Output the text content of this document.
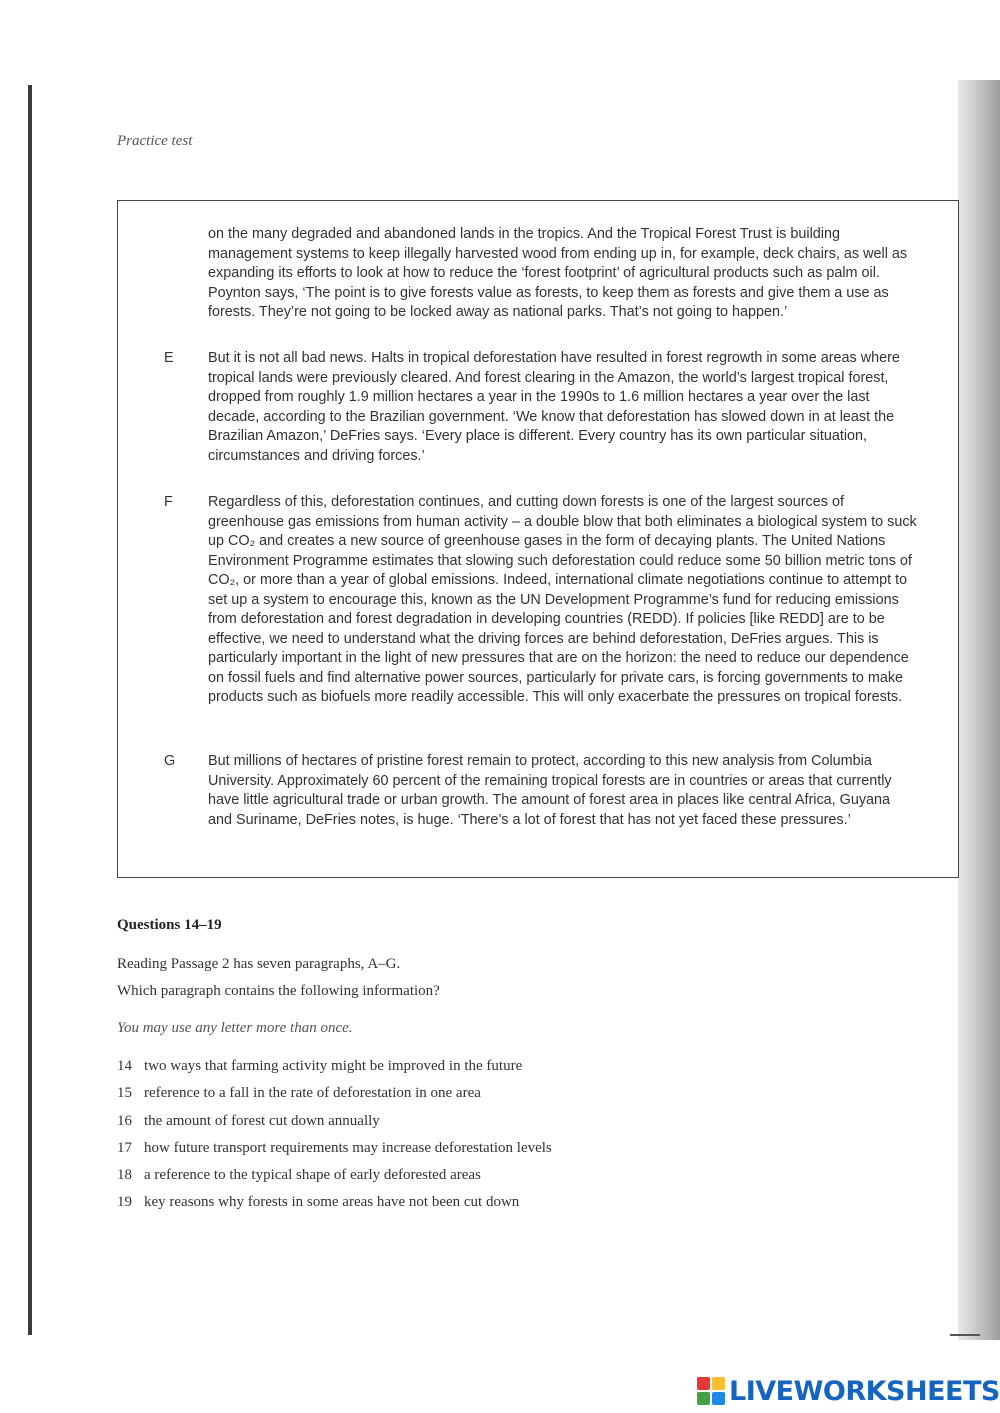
Practice test
on the many degraded and abandoned lands in the tropics. And the Tropical Forest Trust is building management systems to keep illegally harvested wood from ending up in, for example, deck chairs, as well as expanding its efforts to look at how to reduce the ‘forest footprint’ of agricultural products such as palm oil. Poynton says, ‘The point is to give forests value as forests, to keep them as forests and give them a use as forests. They’re not going to be locked away as national parks. That’s not going to happen.’
E But it is not all bad news. Halts in tropical deforestation have resulted in forest regrowth in some areas where tropical lands were previously cleared. And forest clearing in the Amazon, the world’s largest tropical forest, dropped from roughly 1.9 million hectares a year in the 1990s to 1.6 million hectares a year over the last decade, according to the Brazilian government. ‘We know that deforestation has slowed down in at least the Brazilian Amazon,’ DeFries says. ‘Every place is different. Every country has its own particular situation, circumstances and driving forces.’
F Regardless of this, deforestation continues, and cutting down forests is one of the largest sources of greenhouse gas emissions from human activity – a double blow that both eliminates a biological system to suck up CO₂ and creates a new source of greenhouse gases in the form of decaying plants. The United Nations Environment Programme estimates that slowing such deforestation could reduce some 50 billion metric tons of CO₂, or more than a year of global emissions. Indeed, international climate negotiations continue to attempt to set up a system to encourage this, known as the UN Development Programme’s fund for reducing emissions from deforestation and forest degradation in developing countries (REDD). If policies [like REDD] are to be effective, we need to understand what the driving forces are behind deforestation, DeFries argues. This is particularly important in the light of new pressures that are on the horizon: the need to reduce our dependence on fossil fuels and find alternative power sources, particularly for private cars, is forcing governments to make products such as biofuels more readily accessible. This will only exacerbate the pressures on tropical forests.
G But millions of hectares of pristine forest remain to protect, according to this new analysis from Columbia University. Approximately 60 percent of the remaining tropical forests are in countries or areas that currently have little agricultural trade or urban growth. The amount of forest area in places like central Africa, Guyana and Suriname, DeFries notes, is huge. ‘There’s a lot of forest that has not yet faced these pressures.’
Questions 14–19
Reading Passage 2 has seven paragraphs, A–G.
Which paragraph contains the following information?
You may use any letter more than once.
14 two ways that farming activity might be improved in the future
15 reference to a fall in the rate of deforestation in one area
16 the amount of forest cut down annually
17 how future transport requirements may increase deforestation levels
18 a reference to the typical shape of early deforested areas
19 key reasons why forests in some areas have not been cut down
LIVEWORKSHEETS
